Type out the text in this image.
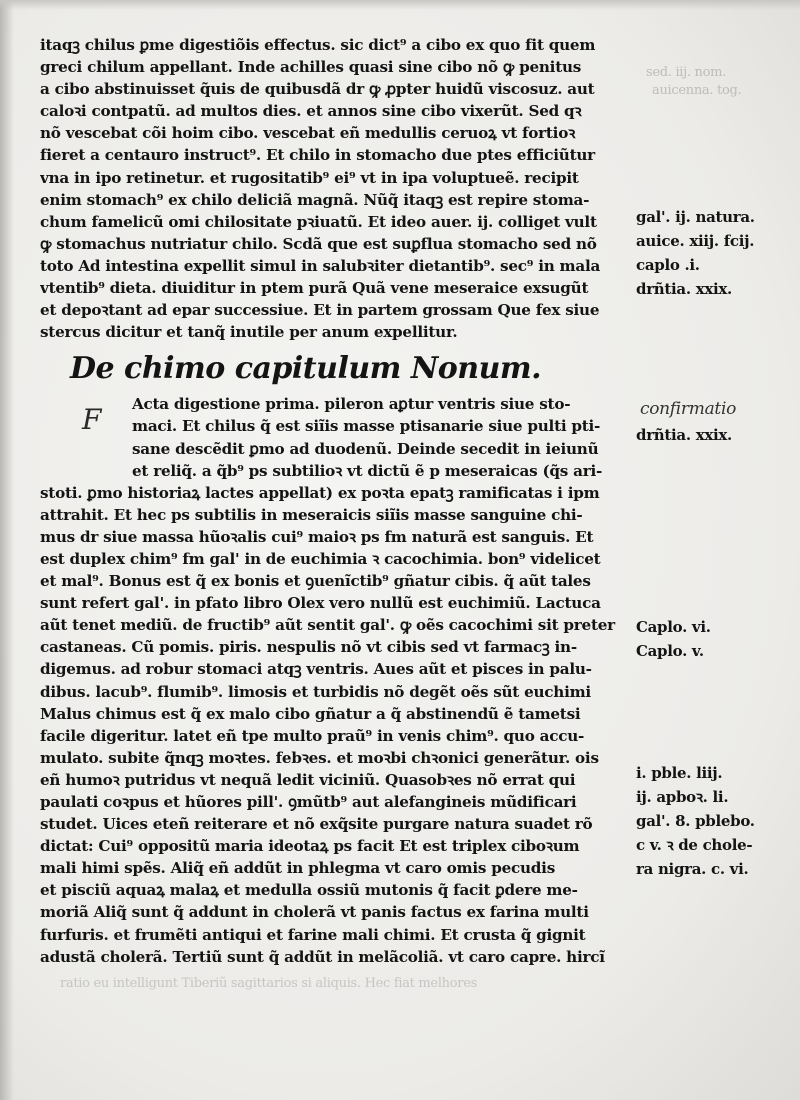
sed. iij. nom.
auicenna. tog.
itaqꝫ chilus ꝑme digestiõis effectus. sic dict⁹ a cibo ex quo fit quem
greci chilum appellant. Inde achilles quasi sine cibo nõ ꝙ penitus
a cibo abstinuisset q̃uis de quibusdã dr ꝙ ꝓpter huidũ viscosuz. aut
caloꝛi contpatũ. ad multos dies. et annos sine cibo vixerũt. Sed qꝛ
nõ vescebat cõi hoim cibo. vescebat eñ medullis ceruoꝝ vt fortioꝛ
fieret a centauro instruct⁹. Et chilo in stomacho due ptes efficiũtur
vna in ipo retinetur. et rugositatib⁹ ei⁹ vt in ipa voluptueẽ. recipit
enim stomach⁹ ex chilo deliciã magnã. Nũq̃ itaqꝫ est repire stoma-
chum famelicũ omi chilositate pꝛiuatũ. Et ideo auer. ij. colliget vult
ꝙ stomachus nutriatur chilo. Scdã que est suꝑflua stomacho sed nõ
toto Ad intestina expellit simul in salubꝛiter dietantib⁹. sec⁹ in mala
vtentib⁹ dieta. diuiditur in ptem purã Quã vene meseraice exsugũt
et depoꝛtant ad epar successiue. Et in partem grossam Que fex siue
stercus dicitur et tanq̃ inutile per anum expellitur.
De chimo capitulum Nonum.
F	Acta digestione prima. pileron aꝑtur ventris siue sto-
maci. Et chilus q̃ est siĩis masse ptisanarie siue pulti pti-
sane descẽdit ꝑmo ad duodenũ. Deinde secedit in ieiunũ
et reliq̃. a q̃b⁹ ps subtilioꝛ vt dictũ ẽ p meseraicas (q̃s ari-
stoti. ꝑmo historiaꝝ lactes appellat) ex poꝛta epatꝫ ramificatas i ipm
attrahit. Et hec ps subtilis in meseraicis siĩis masse sanguine chi-
mus dr siue massa hũoꝛalis cui⁹ maioꝛ ps fm naturã est sanguis. Et
est duplex chim⁹ fm gal' in de euchimia ꝛ cacochimia. bon⁹ videlicet
et mal⁹. Bonus est q̃ ex bonis et ꝯuenĩctib⁹ gñatur cibis. q̃ aũt tales
sunt refert gal'. in pfato libro Olex vero nullũ est euchimiũ. Lactuca
aũt tenet mediũ. de fructib⁹ aũt sentit gal'. ꝙ oẽs cacochimi sit preter
castaneas. Cũ pomis. piris. nespulis nõ vt cibis sed vt farmacꝫ in-
digemus. ad robur stomaci atqꝫ ventris. Aues aũt et pisces in palu-
dibus. lacub⁹. flumib⁹. limosis et turbidis nõ degẽt oẽs sũt euchimi
Malus chimus est q̃ ex malo cibo gñatur a q̃ abstinendũ ẽ tametsi
facile digeritur. latet eñ tpe multo praũ⁹ in venis chim⁹. quo accu-
mulato. subite q̃nqꝫ moꝛtes. febꝛes. et moꝛbi chꝛonici generãtur. ois
eñ humoꝛ putridus vt nequã ledit viciniũ. Quasobꝛes nõ errat qui
paulati coꝛpus et hũores pill'. ꝯmũtb⁹ aut alefangineis mũdificari
studet. Uices eteñ reiterare et nõ exq̃site purgare natura suadet rõ
dictat: Cui⁹ oppositũ maria ideotaꝝ ps facit Et est triplex ciboꝛum
mali himi spẽs. Aliq̃ eñ addũt in phlegma vt caro omis pecudis
et pisciũ aquaꝝ malaꝝ et medulla ossiũ mutonis q̃ facit ꝑdere me-
moriã Aliq̃ sunt q̃ addunt in cholerã vt panis factus ex farina multi
furfuris. et frumẽti antiqui et farine mali chimi. Et crusta q̃ gignit
adustã cholerã. Tertiũ sunt q̃ addũt in melãcoliã. vt caro capre. hircĩ
gal'. ij. natura.
auice. xiij. fcij.
caplo .i.
drñtia. xxix.
confirmatio
drñtia. xxix.
Caplo. vi.
Caplo. v.
i. pble. liij.
ij. apboꝛ. li.
gal'. 8. pblebo.
c v. ꝛ de chole-
ra nigra. c. vi.
ratio eu intelligunt Tiberiũ sagittarios si aliquis. Hec fiat melhores
